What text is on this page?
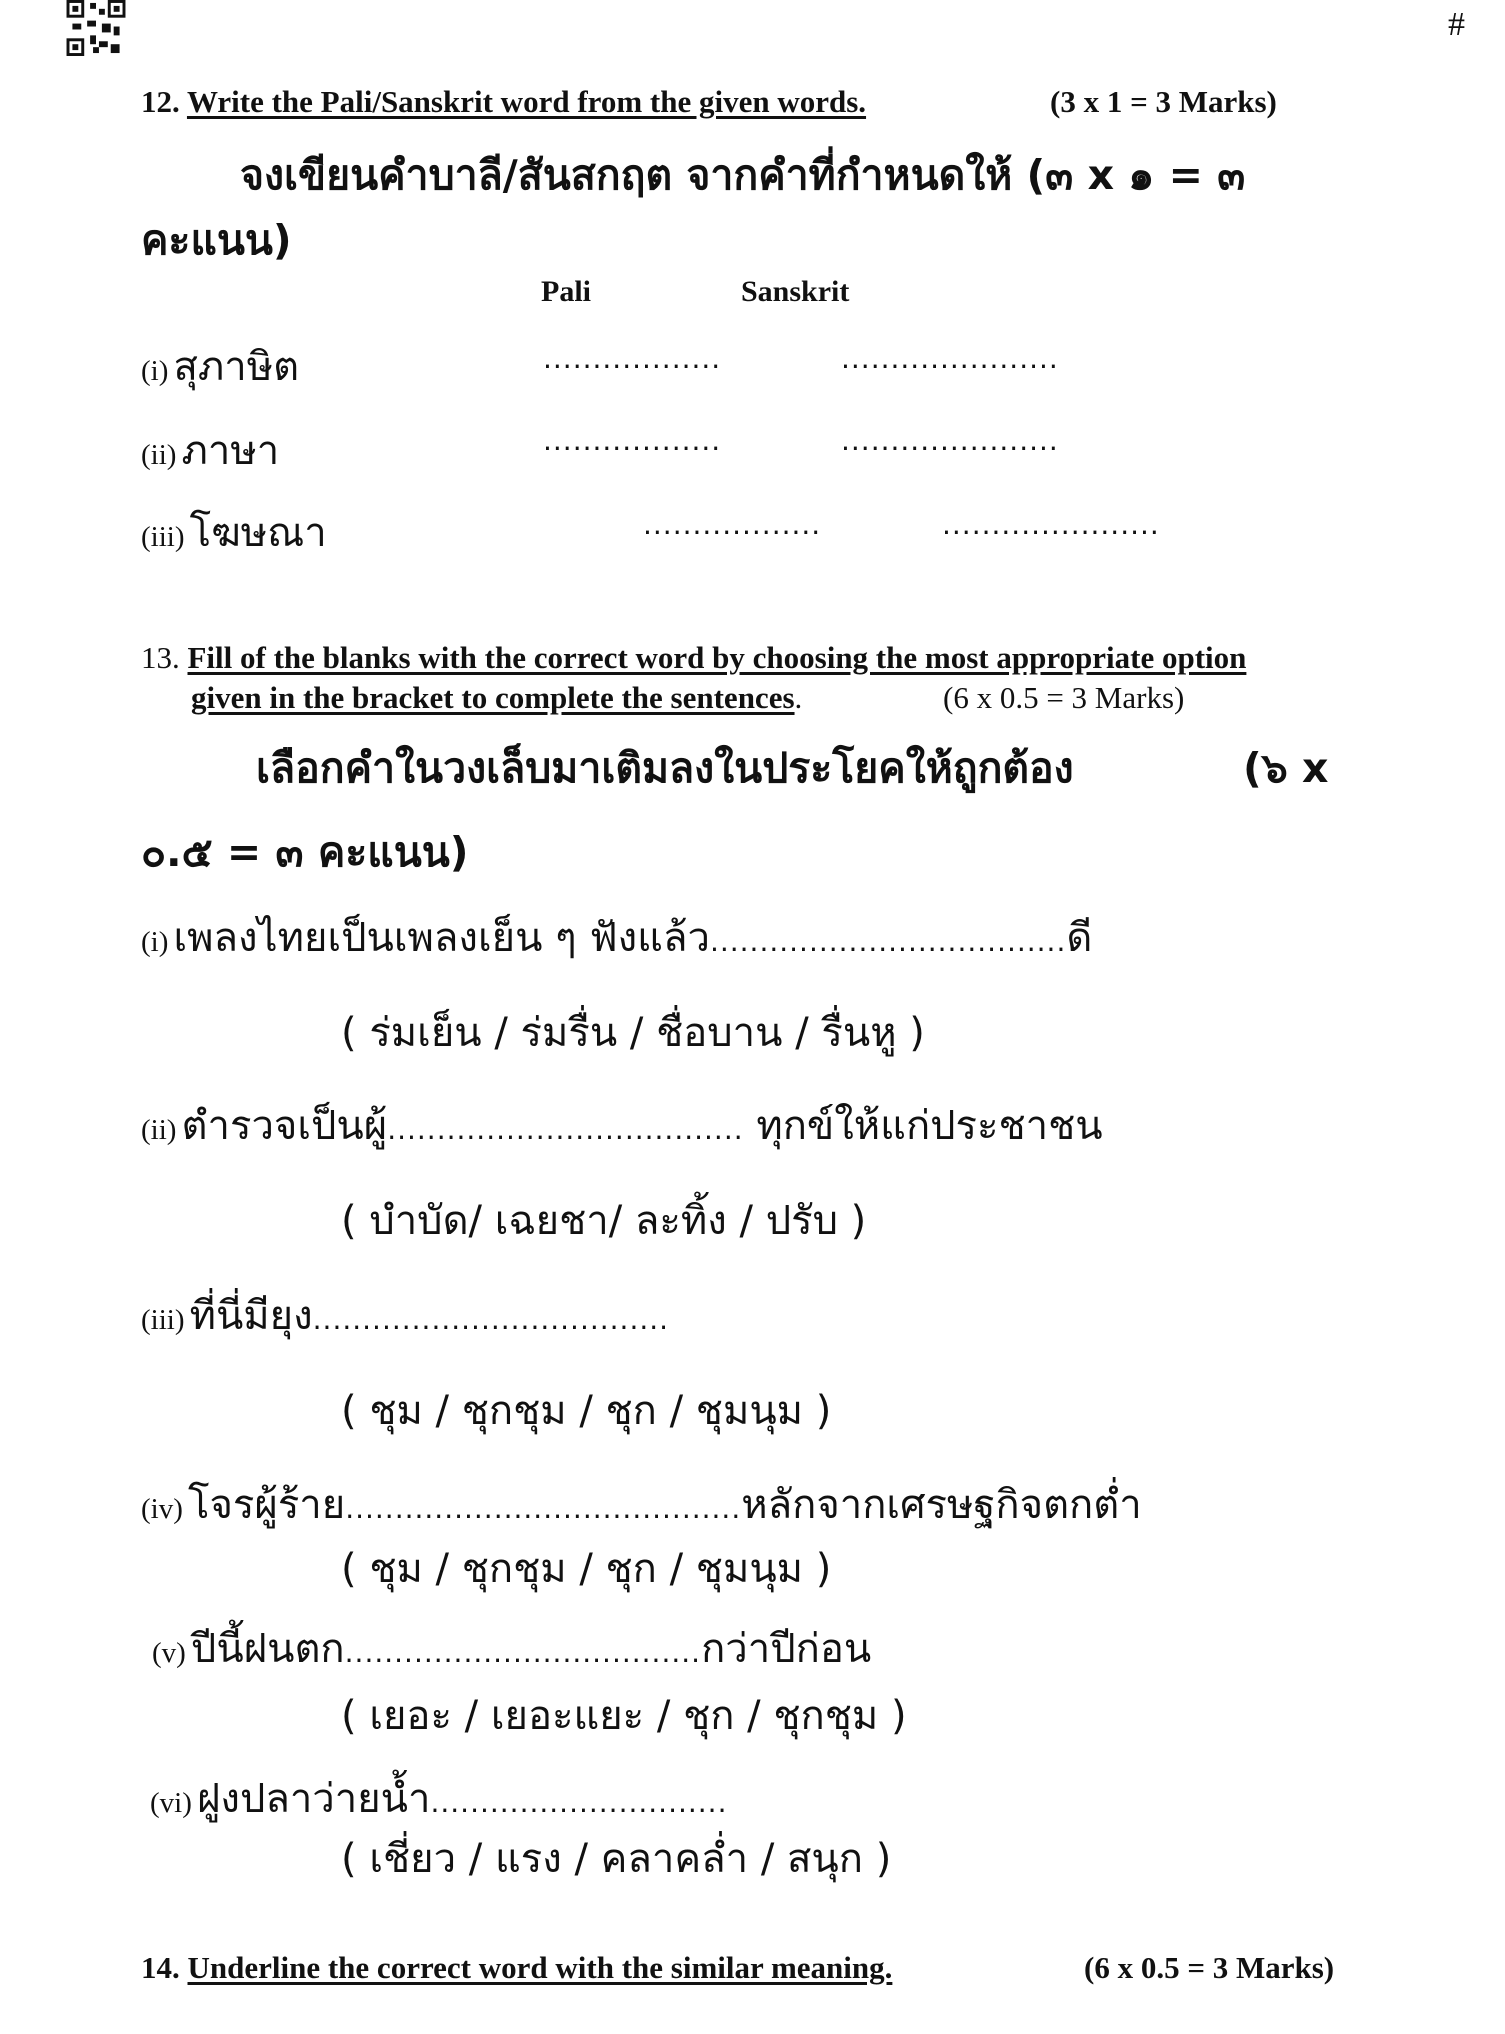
#
12. Write the Pali/Sanskrit word from the given words.	(3 x 1 = 3 Marks)
จงเขียนคำบาลี/สันสกฤต จากคำที่กำหนดให้ (๓ x ๑ = ๓
คะแนน)
Pali	Sanskrit
(i) สุภาษิต	..................	......................
(ii) ภาษา	..................	......................
(iii) โฆษณา	..................	......................
13. Fill of the blanks with the correct word by choosing the most appropriate option
given in the bracket to complete the sentences.	(6 x 0.5 = 3 Marks)
เลือกคำในวงเล็บมาเติมลงในประโยคให้ถูกต้อง	(๖ x
๐.๕ = ๓ คะแนน)
(i) เพลงไทยเป็นเพลงเย็น ๆ ฟังแล้ว....................................ดี
( ร่มเย็น / ร่มรื่น / ชื่อบาน / รื่นหู )
(ii) ตำรวจเป็นผู้.................................... ทุกข์ให้แก่ประชาชน
( บำบัด/ เฉยชา/ ละทิ้ง / ปรับ )
(iii) ที่นี่มียุง....................................
( ชุม / ชุกชุม / ชุก / ชุมนุม )
(iv) โจรผู้ร้าย........................................หลักจากเศรษฐกิจตกต่ำ
( ชุม / ชุกชุม / ชุก / ชุมนุม )
(v) ปีนี้ฝนตก....................................กว่าปีก่อน
( เยอะ / เยอะแยะ / ชุก / ชุกชุม )
(vi) ฝูงปลาว่ายน้ำ..............................
( เชี่ยว / แรง / คลาคล่ำ / สนุก )
14. Underline the correct word with the similar meaning.	(6 x 0.5 = 3 Marks)
